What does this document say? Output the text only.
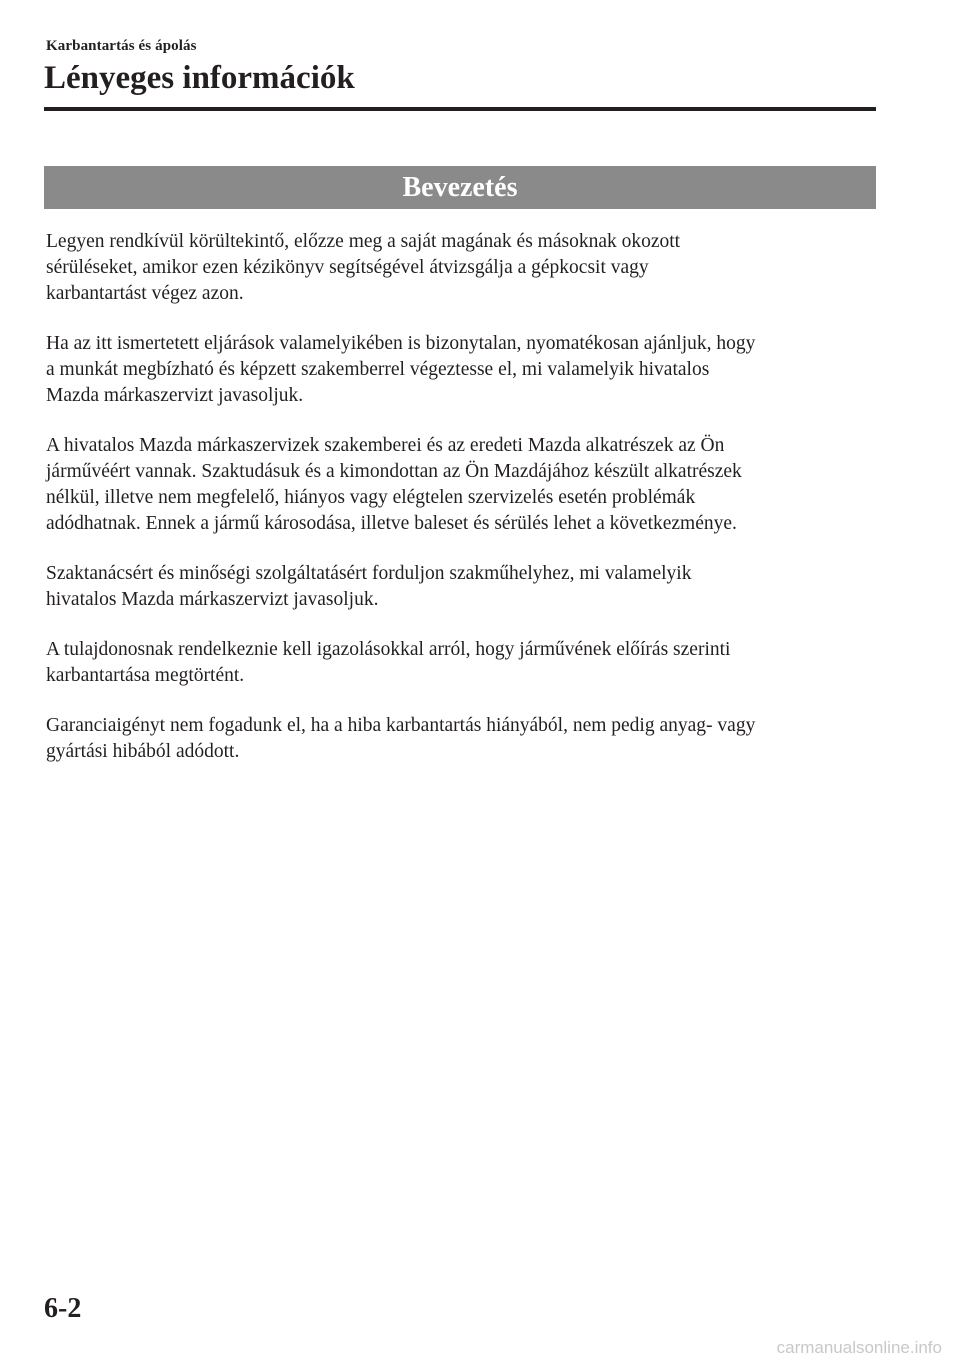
Karbantartás és ápolás
Lényeges információk
Bevezetés

Legyen rendkívül körültekintő, előzze meg a saját magának és másoknak okozott
sérüléseket, amikor ezen kézikönyv segítségével átvizsgálja a gépkocsit vagy
karbantartást végez azon.

Ha az itt ismertetett eljárások valamelyikében is bizonytalan, nyomatékosan ajánljuk, hogy
a munkát megbízható és képzett szakemberrel végeztesse el, mi valamelyik hivatalos
Mazda márkaszervizt javasoljuk.

A hivatalos Mazda márkaszervizek szakemberei és az eredeti Mazda alkatrészek az Ön
járművéért vannak. Szaktudásuk és a kimondottan az Ön Mazdájához készült alkatrészek
nélkül, illetve nem megfelelő, hiányos vagy elégtelen szervizelés esetén problémák
adódhatnak. Ennek a jármű károsodása, illetve baleset és sérülés lehet a következménye.

Szaktanácsért és minőségi szolgáltatásért forduljon szakműhelyhez, mi valamelyik
hivatalos Mazda márkaszervizt javasoljuk.

A tulajdonosnak rendelkeznie kell igazolásokkal arról, hogy járművének előírás szerinti
karbantartása megtörtént.

Garanciaigényt nem fogadunk el, ha a hiba karbantartás hiányából, nem pedig anyag- vagy
gyártási hibából adódott.

6-2
carmanualsonline.info
